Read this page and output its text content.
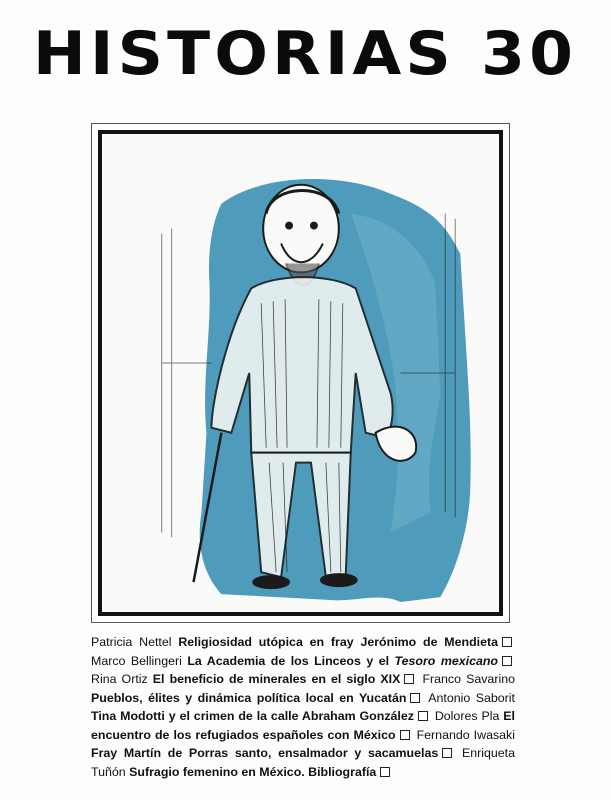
HISTORIAS 30
Patricia Nettel Religiosidad utópica en fray Jerónimo de Mendieta Marco Bellingeri La Academia de los Linceos y el Tesoro mexicano Rina Ortiz El beneficio de minerales en el siglo XIX Franco Savarino Pueblos, élites y dinámica política local en Yucatán Antonio Saborit Tina Modotti y el crimen de la calle Abraham González Dolores Pla El encuentro de los refugiados españoles con México Fernando Iwasaki Fray Martín de Porras santo, ensalmador y sacamuelas Enriqueta Tuñón Sufragio femenino en México. Bibliografía
